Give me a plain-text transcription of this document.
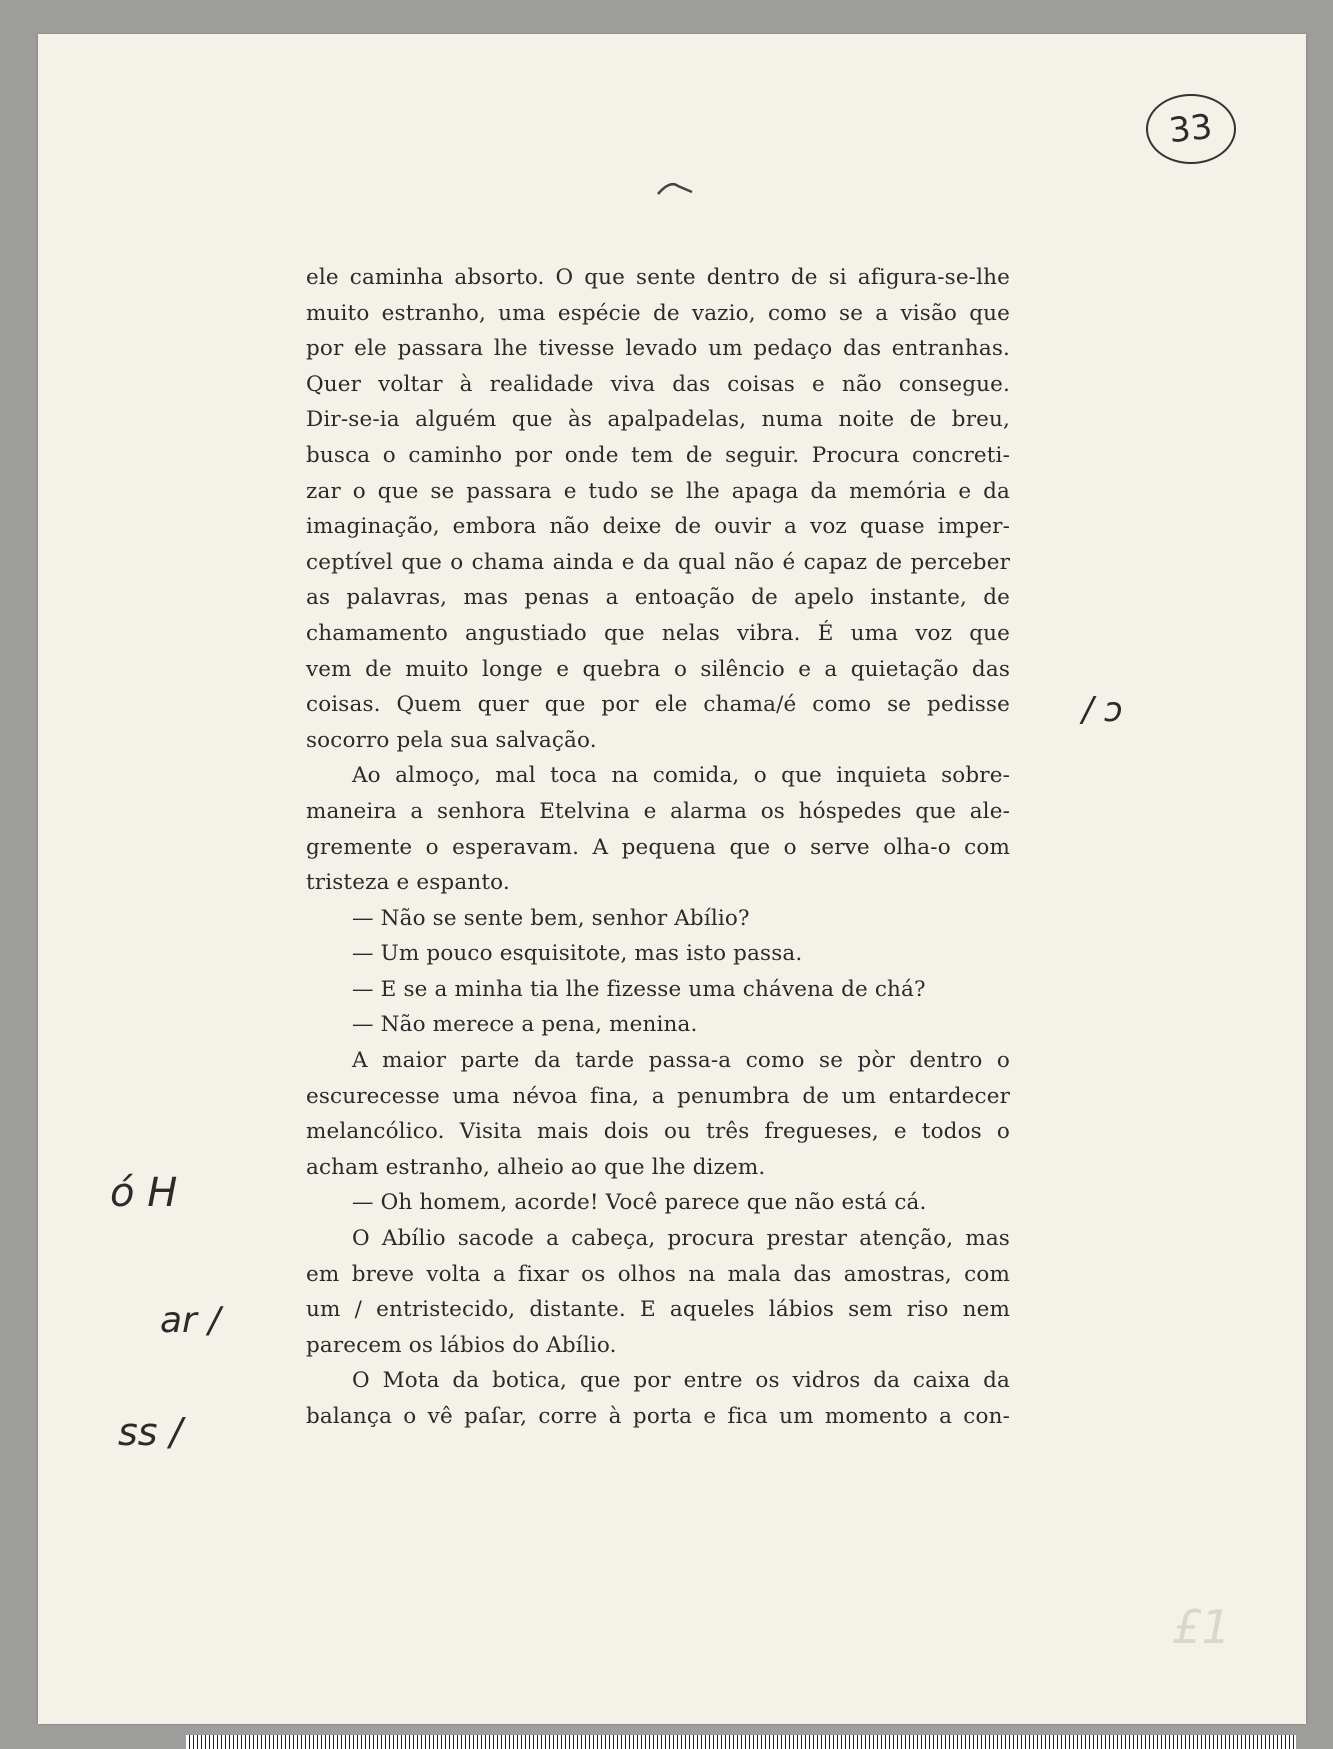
33
ele caminha absorto. O que sente dentro de si afigura-se-lhe
muito estranho, uma espécie de vazio, como se a visão que
por ele passara lhe tivesse levado um pedaço das entranhas.
Quer voltar à realidade viva das coisas e não consegue.
Dir-se-ia alguém que às apalpadelas, numa noite de breu,
busca o caminho por onde tem de seguir. Procura concreti-
zar o que se passara e tudo se lhe apaga da memória e da
imaginação, embora não deixe de ouvir a voz quase imper-
ceptível que o chama ainda e da qual não é capaz de perceber
as palavras, mas penas a entoação de apelo instante, de
chamamento angustiado que nelas vibra. É uma voz que
vem de muito longe e quebra o silêncio e a quietação das
coisas. Quem quer que por ele chama/é como se pedisse
socorro pela sua salvação.
Ao almoço, mal toca na comida, o que inquieta sobre-
maneira a senhora Etelvina e alarma os hóspedes que ale-
gremente o esperavam. A pequena que o serve olha-o com
tristeza e espanto.
— Não se sente bem, senhor Abílio?
— Um pouco esquisitote, mas isto passa.
— E se a minha tia lhe fizesse uma chávena de chá?
— Não merece a pena, menina.
A maior parte da tarde passa-a como se pòr dentro o
escurecesse uma névoa fina, a penumbra de um entardecer
melancólico. Visita mais dois ou três fregueses, e todos o
acham estranho, alheio ao que lhe dizem.
— Oh homem, acorde! Você parece que não está cá.
O Abílio sacode a cabeça, procura prestar atenção, mas
em breve volta a fixar os olhos na mala das amostras, com
um / entristecido, distante. E aqueles lábios sem riso nem
parecem os lábios do Abílio.
O Mota da botica, que por entre os vidros da caixa da
balança o vê paſar, corre à porta e fica um momento a con-
/ ɔ
ó H
ar /
ss /
£1
